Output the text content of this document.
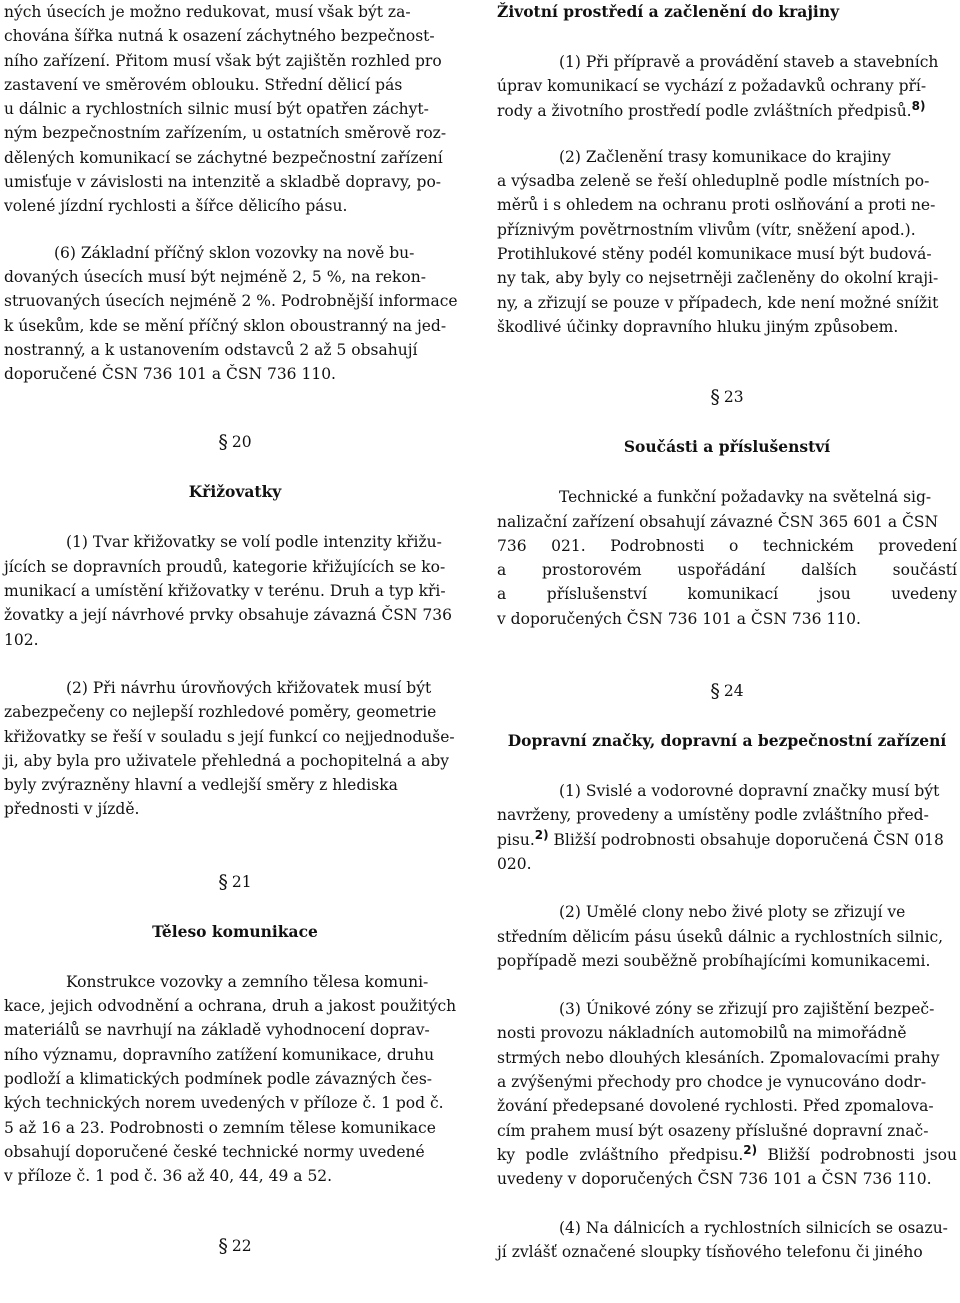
ných úsecích je možno redukovat, musí však být za-
chována šířka nutná k osazení záchytného bezpečnost-
ního zařízení. Přitom musí však být zajištěn rozhled pro
zastavení ve směrovém oblouku. Střední dělicí pás
u dálnic a rychlostních silnic musí být opatřen záchyt-
ným bezpečnostním zařízením, u ostatních směrově roz-
dělených komunikací se záchytné bezpečnostní zařízení
umisťuje v závislosti na intenzitě a skladbě dopravy, po-
volené jízdní rychlosti a šířce dělicího pásu.

(6) Základní příčný sklon vozovky na nově bu-
dovaných úsecích musí být nejméně 2, 5 %, na rekon-
struovaných úsecích nejméně 2 %. Podrobnější informace
k úsekům, kde se mění příčný sklon oboustranný na jed-
nostranný, a k ustanovením odstavců 2 až 5 obsahují
doporučené ČSN 736 101 a ČSN 736 110.

§ 20
Křižovatky

(1) Tvar křižovatky se volí podle intenzity křižu-
jících se dopravních proudů, kategorie křižujících se ko-
munikací a umístění křižovatky v terénu. Druh a typ kři-
žovatky a její návrhové prvky obsahuje závazná ČSN 736
102.

(2) Při návrhu úrovňových křižovatek musí být
zabezpečeny co nejlepší rozhledové poměry, geometrie
křižovatky se řeší v souladu s její funkcí co nejjednoduše-
ji, aby byla pro uživatele přehledná a pochopitelná a aby
byly zvýrazněny hlavní a vedlejší směry z hlediska
přednosti v jízdě.

§ 21
Těleso komunikace

Konstrukce vozovky a zemního tělesa komuni-
kace, jejich odvodnění a ochrana, druh a jakost použitých
materiálů se navrhují na základě vyhodnocení doprav-
ního významu, dopravního zatížení komunikace, druhu
podloží a klimatických podmínek podle závazných čes-
kých technických norem uvedených v příloze č. 1 pod č.
5 až 16 a 23. Podrobnosti o zemním tělese komunikace
obsahují doporučené české technické normy uvedené
v příloze č. 1 pod č. 36 až 40, 44, 49 a 52.

§ 22
Životní prostředí a začlenění do krajiny

(1) Při přípravě a provádění staveb a stavebních
úprav komunikací se vychází z požadavků ochrany pří-
rody a životního prostředí podle zvláštních předpisů.$^{8)}$

(2) Začlenění trasy komunikace do krajiny
a výsadba zeleně se řeší ohleduplně podle místních po-
měrů i s ohledem na ochranu proti oslňování a proti ne-
příznivým povětrnostním vlivům (vítr, sněžení apod.).
Protihlukové stěny podél komunikace musí být budová-
ny tak, aby byly co nejsetrněji začleněny do okolní kraji-
ny, a zřizují se pouze v případech, kde není možné snížit
škodlivé účinky dopravního hluku jiným způsobem.

§ 23
Součásti a příslušenství

Technické a funkční požadavky na světelná sig-
nalizační zařízení obsahují závazné ČSN 365 601 a ČSN
736 021. Podrobnosti o technickém provedení
a prostorovém uspořádání dalších součástí
a příslušenství komunikací jsou uvedeny
v doporučených ČSN 736 101 a ČSN 736 110.

§ 24
Dopravní značky, dopravní a bezpečnostní zařízení

(1) Svislé a vodorovné dopravní značky musí být
navrženy, provedeny a umístěny podle zvláštního před-
pisu.$^{2)}$ Bližší podrobnosti obsahuje doporučená ČSN 018
020.

(2) Umělé clony nebo živé ploty se zřizují ve
středním dělicím pásu úseků dálnic a rychlostních silnic,
popřípadě mezi souběžně probíhajícími komunikacemi.

(3) Únikové zóny se zřizují pro zajištění bezpeč-
nosti provozu nákladních automobilů na mimořádně
strmých nebo dlouhých klesáních. Zpomalovacími prahy
a zvýšenými přechody pro chodce je vynucováno dodr-
žování předepsané dovolené rychlosti. Před zpomalova-
cím prahem musí být osazeny příslušné dopravní znač-
ky podle zvláštního předpisu.$^{2)}$ Bližší podrobnosti jsou
uvedeny v doporučených ČSN 736 101 a ČSN 736 110.

(4) Na dálnicích a rychlostních silnicích se osazu-
jí zvlášť označené sloupky tísňového telefonu či jiného
